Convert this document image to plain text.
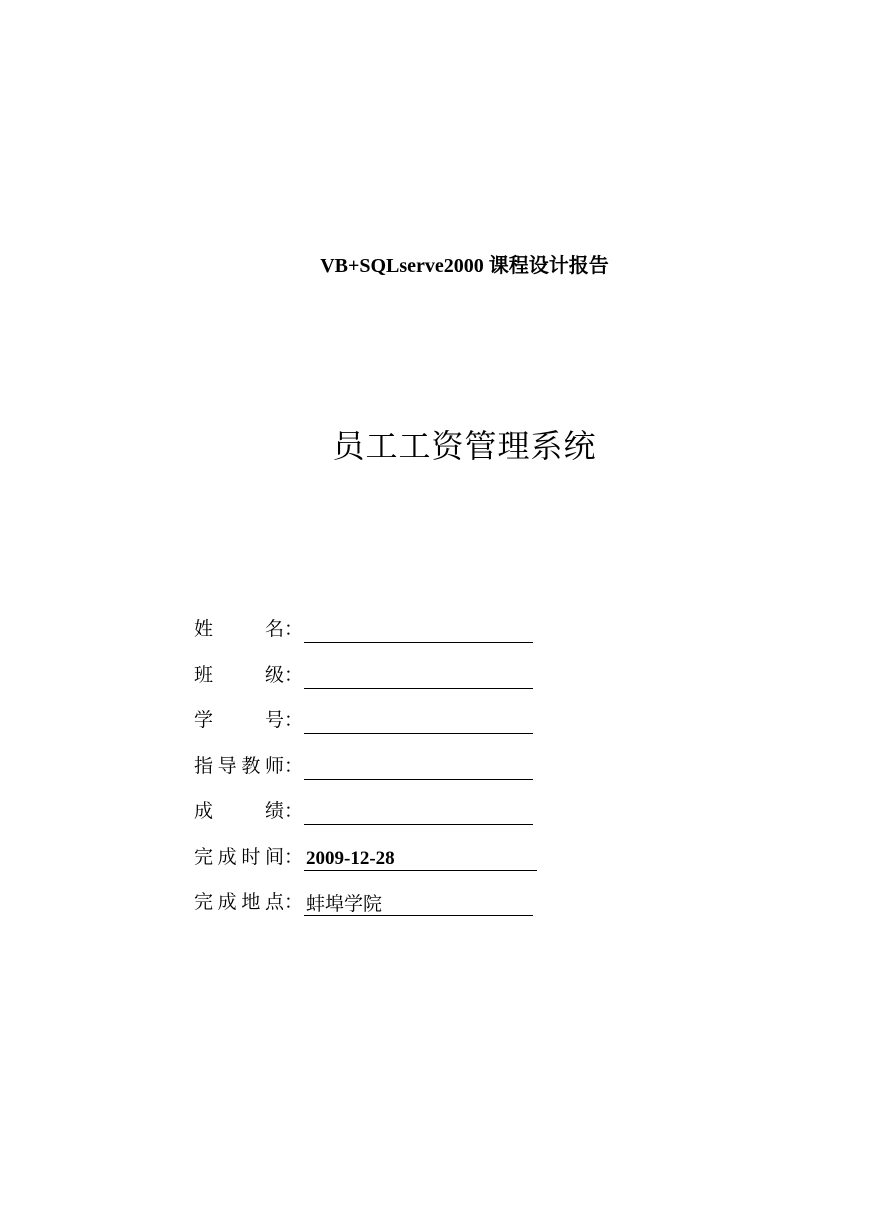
VB+SQLserve2000 课程设计报告
员工工资管理系统
姓	名 ：
班	级 ：
学	号 ：
指 导 教 师 ：
成	绩 ：
完 成 时 间 ： 2009-12-28
完 成 地 点 ： 蚌埠学院
